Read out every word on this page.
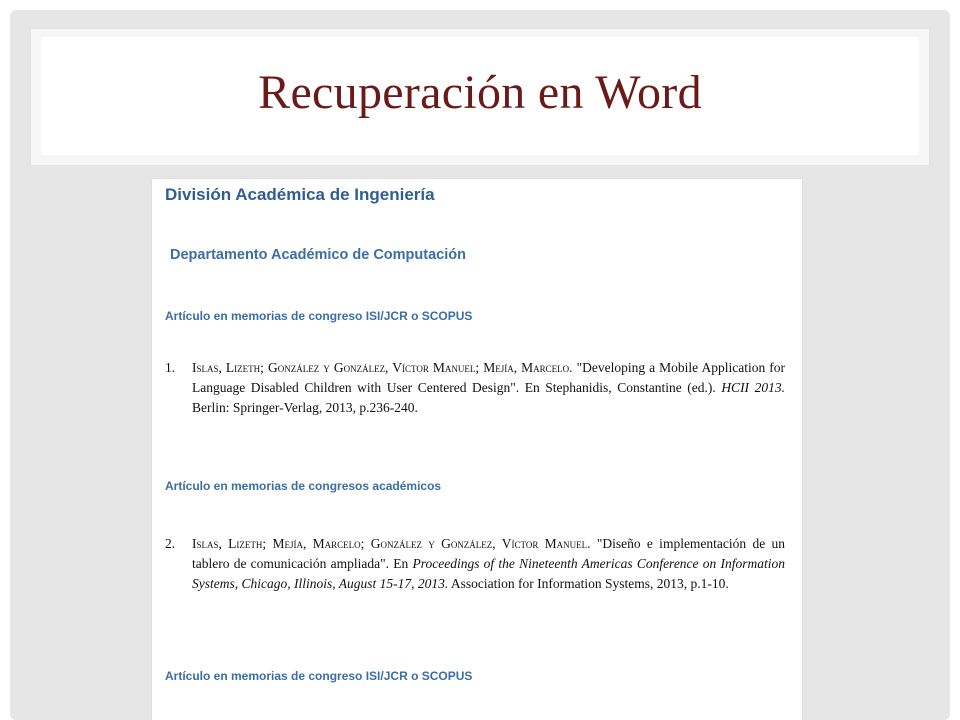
Recuperación en Word
División Académica de Ingeniería
Departamento Académico de Computación
Artículo en memorias de congreso ISI/JCR o SCOPUS
1.	Islas, Lizeth; González y González, Víctor Manuel; Mejía, Marcelo. "Developing a Mobile Application for Language Disabled Children with User Centered Design". En Stephanidis, Constantine (ed.). HCII 2013. Berlin: Springer-Verlag, 2013, p.236-240.
Artículo en memorias de congresos académicos
2.	Islas, Lizeth; Mejía, Marcelo; González y González, Víctor Manuel. "Diseño e implementación de un tablero de comunicación ampliada". En Proceedings of the Nineteenth Americas Conference on Information Systems, Chicago, Illinois, August 15-17, 2013. Association for Information Systems, 2013, p.1-10.
Artículo en memorias de congreso ISI/JCR o SCOPUS
